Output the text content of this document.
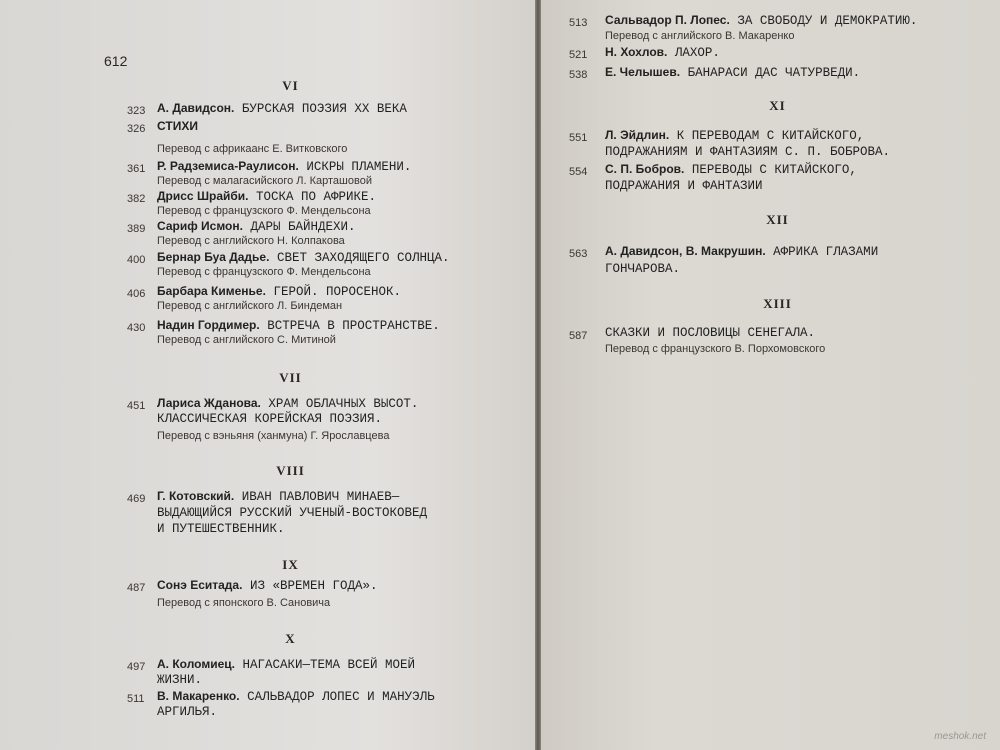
612
VI
323 А. Давидсон. БУРСКАЯ ПОЭЗИЯ XX ВЕКА
326 СТИХИ
Перевод с африкаанс Е. Витковского
361 Р. Радземиса-Раулисон. ИСКРЫ ПЛАМЕНИ.
Перевод с малагасийского Л. Карташовой
382 Дрисс Шрайби. ТОСКА ПО АФРИКЕ.
Перевод с французского Ф. Мендельсона
389 Сариф Исмон. ДАРЫ БАЙНДЕХИ.
Перевод с английского Н. Колпакова
400 Бернар Буа Дадье. СВЕТ ЗАХОДЯЩЕГО СОЛНЦА.
Перевод с французского Ф. Мендельсона
406 Барбара Кименье. ГЕРОЙ. ПОРОСЕНОК.
Перевод с английского Л. Биндеман
430 Надин Гордимер. ВСТРЕЧА В ПРОСТРАНСТВЕ.
Перевод с английского С. Митиной
VII
451 Лариса Жданова. ХРАМ ОБЛАЧНЫХ ВЫСОТ.
КЛАССИЧЕСКАЯ КОРЕЙСКАЯ ПОЭЗИЯ.
Перевод с вэньяня (ханмуна) Г. Ярославцева
VIII
469 Г. Котовский. ИВАН ПАВЛОВИЧ МИНАЕВ—
ВЫДАЮЩИЙСЯ РУССКИЙ УЧЕНЫЙ-ВОСТОКОВЕД
И ПУТЕШЕСТВЕННИК.
IX
487 Сонэ Еситада. ИЗ «ВРЕМЕН ГОДА».
Перевод с японского В. Сановича
X
497 А. Коломиец. НАГАСАКИ—ТЕМА ВСЕЙ МОЕЙ
ЖИЗНИ.
511 В. Макаренко. САЛЬВАДОР ЛОПЕС И МАНУЭЛЬ
АРГИЛЬЯ.
513 Сальвадор П. Лопес. ЗА СВОБОДУ И ДЕМОКРАТИЮ.
Перевод с английского В. Макаренко
521 Н. Хохлов. ЛАХОР.
538 Е. Челышев. БАНАРАСИ ДАС ЧАТУРВЕДИ.
XI
551 Л. Эйдлин. К ПЕРЕВОДАМ С КИТАЙСКОГО,
ПОДРАЖАНИЯМ И ФАНТАЗИЯМ С. П. БОБРОВА.
554 С. П. Бобров. ПЕРЕВОДЫ С КИТАЙСКОГО,
ПОДРАЖАНИЯ И ФАНТАЗИИ
XII
563 А. Давидсон, В. Макрушин. АФРИКА ГЛАЗАМИ
ГОНЧАРОВА.
XIII
587 СКАЗКИ И ПОСЛОВИЦЫ СЕНЕГАЛА.
Перевод с французского В. Порхомовского
meshok.net
